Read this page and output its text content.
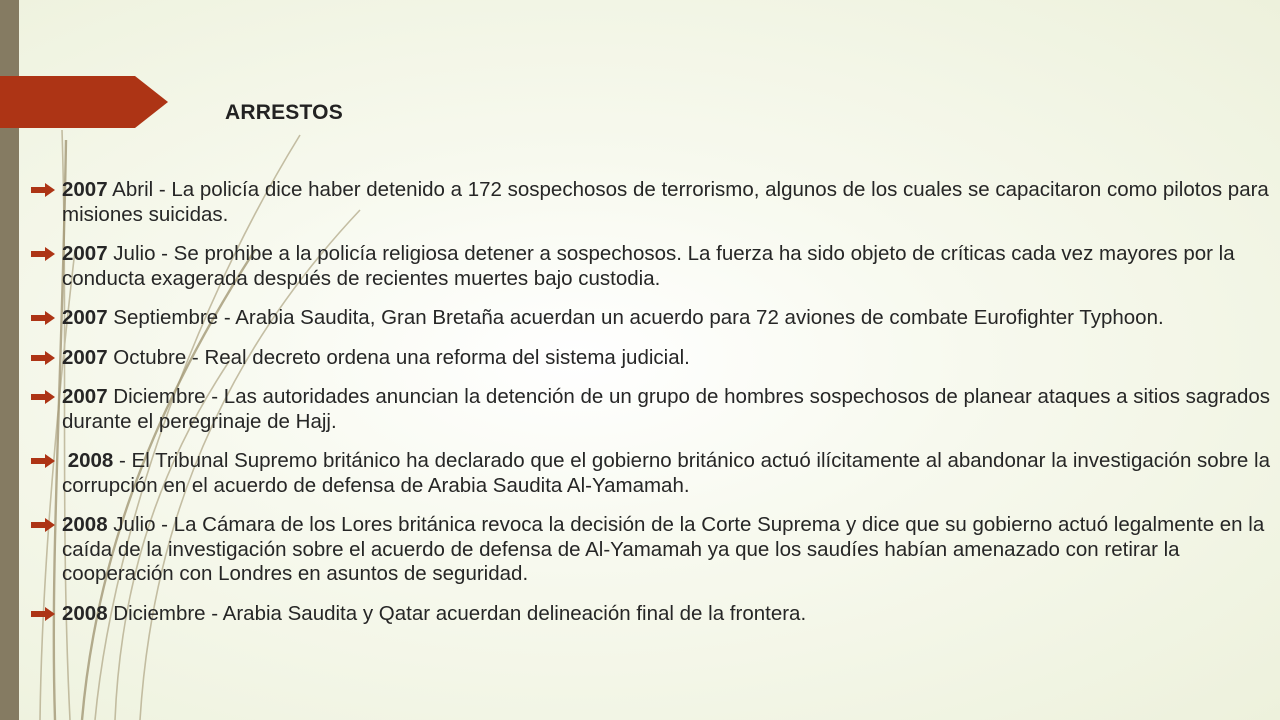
ARRESTOS
2007 Abril - La policía dice haber detenido a 172 sospechosos de terrorismo, algunos de los cuales se capacitaron como pilotos para misiones suicidas.
2007 Julio - Se prohibe a la policía religiosa detener a sospechosos. La fuerza ha sido objeto de críticas cada vez mayores por la conducta exagerada después de recientes muertes bajo custodia.
2007 Septiembre - Arabia Saudita, Gran Bretaña acuerdan un acuerdo para 72 aviones de combate Eurofighter Typhoon.
2007 Octubre - Real decreto ordena una reforma del sistema judicial.
2007 Diciembre - Las autoridades anuncian la detención de un grupo de hombres sospechosos de planear ataques a sitios sagrados durante el peregrinaje de Hajj.
2008 - El Tribunal Supremo británico ha declarado que el gobierno británico actuó ilícitamente al abandonar la investigación sobre la corrupción en el acuerdo de defensa de Arabia Saudita Al-Yamamah.
2008 Julio - La Cámara de los Lores británica revoca la decisión de la Corte Suprema y dice que su gobierno actuó legalmente en la caída de la investigación sobre el acuerdo de defensa de Al-Yamamah ya que los saudíes habían amenazado con retirar la cooperación con Londres en asuntos de seguridad.
2008 Diciembre - Arabia Saudita y Qatar acuerdan delineación final de la frontera.
